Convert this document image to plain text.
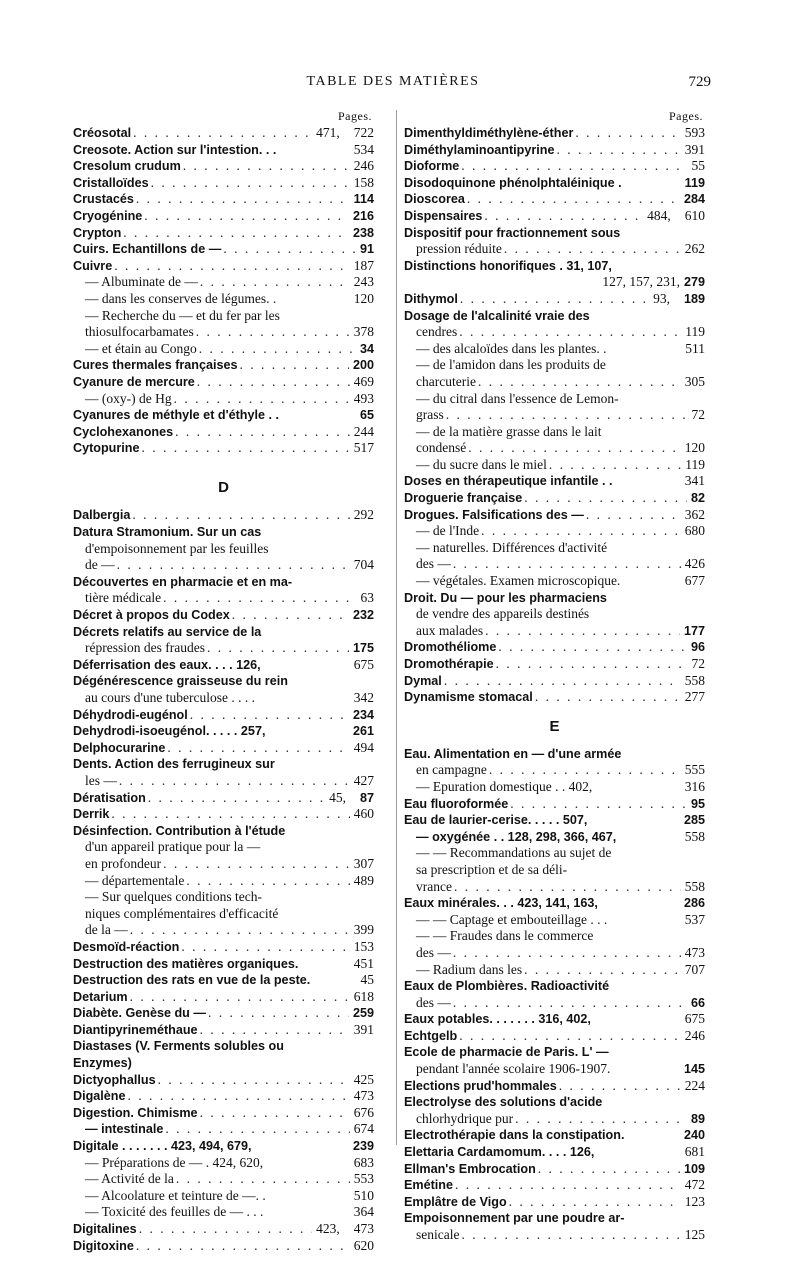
TABLE DES MATIÈRES	729
Pages.
Créosotal . . .	471,	722
Creosote. Action sur l'intestion. . .	534
Cresolum crudum . . .	246
Cristalloïdes . . .	158
Crustacés . . .	114
Cryogénine . . .	216
Crypton . . .	238
Cuirs. Echantillons de — . . .	91
Cuivre . . .	187
— Albuminate de — . . .	243
— dans les conserves de légumes. .	120
— Recherche du — et du fer par les
thiosulfocarbamates . . .	378
— et étain au Congo . . .	34
Cures thermales françaises . . .	200
Cyanure de mercure . . .	469
— (oxy-) de Hg . . .	493
Cyanures de méthyle et d'éthyle . .	65
Cyclohexanones . . .	244
Cytopurine . . .	517
D
Dalbergia . . .	292
Datura Stramonium. Sur un cas
d'empoisonnement par les feuilles
de — . . .	704
Découvertes en pharmacie et en ma-
tière médicale . . .	63
Décret à propos du Codex . . .	232
Décrets relatifs au service de la
répression des fraudes . . .	175
Déferrisation des eaux. . . . 126,	675
Dégénérescence graisseuse du rein
au cours d'une tuberculose . . . .	342
Déhydrodi-eugénol . . .	234
Dehydrodi-isoeugénol. . . . . 257,	261
Delphocurarine . . .	494
Dents. Action des ferrugineux sur
les — . . .	427
Dératisation . . .	45,	87
Derrik . . .	460
Désinfection. Contribution à l'étude
d'un appareil pratique pour la —
en profondeur . . .	307
— départementale . . .	489
— Sur quelques conditions tech-
niques complémentaires d'efficacité
de la — . . .	399
Desmoïd-réaction . . .	153
Destruction des matières organiques.	451
Destruction des rats en vue de la peste.	45
Detarium . . .	618
Diabète. Genèse du — . . .	259
Diantipyrineméthaue . . .	391
Diastases (V. Ferments solubles ou
Enzymes)
Dictyophallus . . .	425
Digalène . . .	473
Digestion. Chimisme . . .	676
— intestinale . . .	674
Digitale . . . . . . . 423, 494, 679,	239
— Préparations de — . 424, 620,	683
— Activité de la . . .	553
— Alcoolature et teinture de —. .	510
— Toxicité des feuilles de — . . .	364
Digitalines . . .	423,	473
Digitoxine . . .	620
Pages.
Dimenthyldiméthylène-éther . . .	593
Diméthylaminoantipyrine . . .	391
Dioforme . . .	55
Disodoquinone phénolphtaléinique .	119
Dioscorea . . .	284
Dispensaires . . .	484,	610
Dispositif pour fractionnement sous
pression réduite . . .	262
Distinctions honorifiques . 31, 107,
127, 157, 231, 279
Dithymol . . .	93,	189
Dosage de l'alcalinité vraie des
cendres . . .	119
— des alcaloïdes dans les plantes. .	511
— de l'amidon dans les produits de
charcuterie . . .	305
— du citral dans l'essence de Lemon-
grass . . .	72
— de la matière grasse dans le lait
condensé . . .	120
— du sucre dans le miel . . .	119
Doses en thérapeutique infantile . .	341
Droguerie française . . .	82
Drogues. Falsifications des — . . .	362
— de l'Inde . . .	680
— naturelles. Différences d'activité
des — . . .	426
— végétales. Examen microscopique.	677
Droit. Du — pour les pharmaciens
de vendre des appareils destinés
aux malades . . .	177
Dromothéliome . . .	96
Dromothérapie . . .	72
Dymal . . .	558
Dynamisme stomacal . . .	277
E
Eau. Alimentation en — d'une armée
en campagne . . .	555
— Epuration domestique . . 402,	316
Eau fluoroformée . . .	95
Eau de laurier-cerise. . . . . 507,	285
— oxygénée . . 128, 298, 366, 467,	558
— — Recommandations au sujet de
sa prescription et de sa déli-
vrance . . .	558
Eaux minérales. . . 423, 141, 163,	286
— — Captage et embouteillage . . .	537
— — Fraudes dans le commerce
des — . . .	473
— Radium dans les . . .	707
Eaux de Plombières. Radioactivité
des — . . .	66
Eaux potables. . . . . . . 316, 402,	675
Echtgelb . . .	246
Ecole de pharmacie de Paris. L' —
pendant l'année scolaire 1906-1907.	145
Elections prud'hommales . . .	224
Electrolyse des solutions d'acide
chlorhydrique pur . . .	89
Electrothérapie dans la constipation.	240
Elettaria Cardamomum. . . . 126,	681
Ellman's Embrocation . . .	109
Emétine . . .	472
Emplâtre de Vigo . . .	123
Empoisonnement par une poudre ar-
senicale . . .	125
